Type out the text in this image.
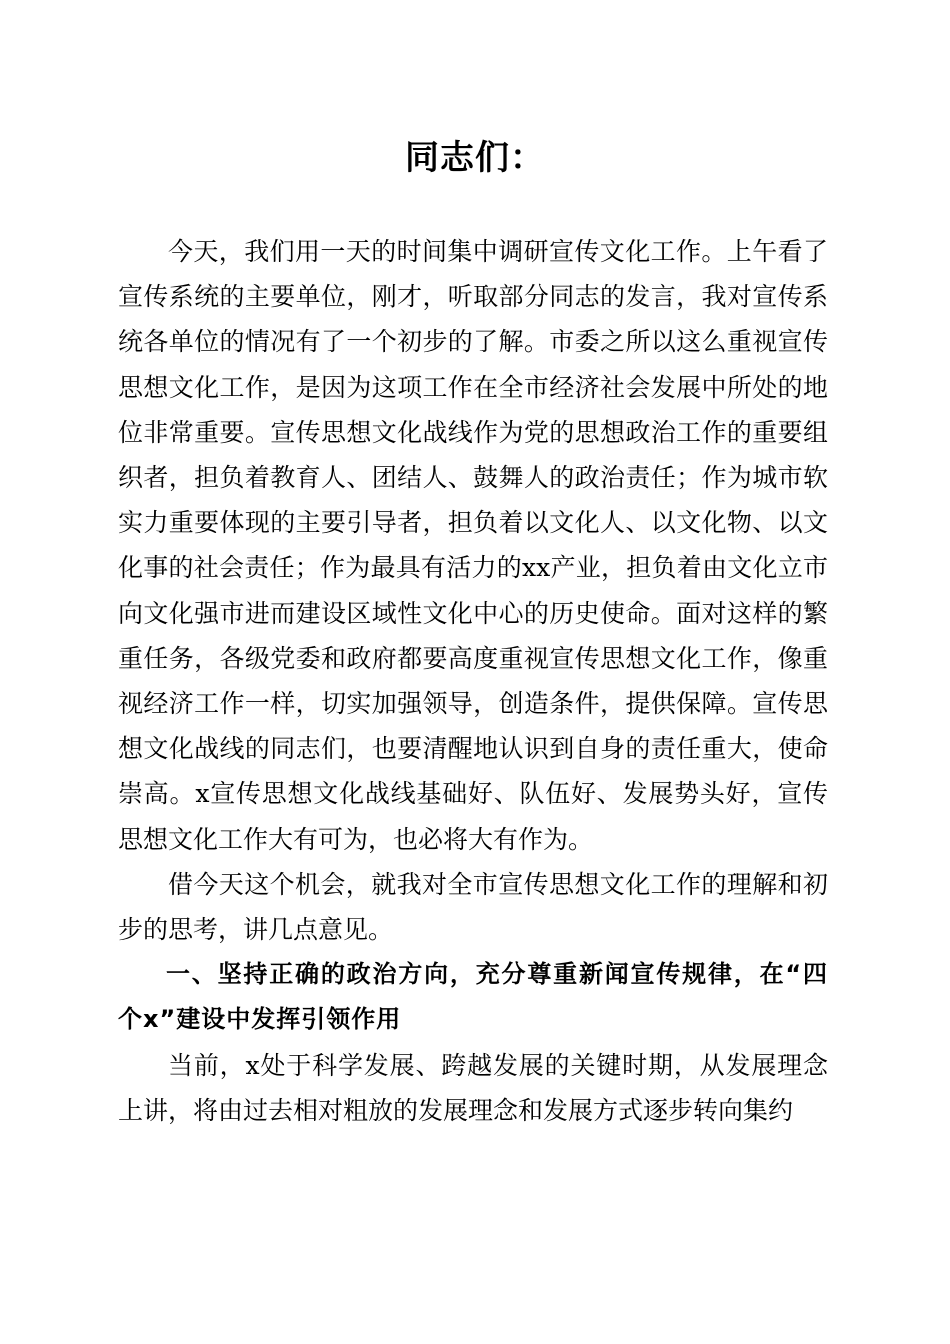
同志们：

今天，我们用一天的时间集中调研宣传文化工作。上午看了宣传系统的主要单位，刚才，听取部分同志的发言，我对宣传系统各单位的情况有了一个初步的了解。市委之所以这么重视宣传思想文化工作，是因为这项工作在全市经济社会发展中所处的地位非常重要。宣传思想文化战线作为党的思想政治工作的重要组织者，担负着教育人、团结人、鼓舞人的政治责任；作为城市软实力重要体现的主要引导者，担负着以文化人、以文化物、以文化事的社会责任；作为最具有活力的xx产业，担负着由文化立市向文化强市进而建设区域性文化中心的历史使命。面对这样的繁重任务，各级党委和政府都要高度重视宣传思想文化工作，像重视经济工作一样，切实加强领导，创造条件，提供保障。宣传思想文化战线的同志们，也要清醒地认识到自身的责任重大，使命崇高。x宣传思想文化战线基础好、队伍好、发展势头好，宣传思想文化工作大有可为，也必将大有作为。

借今天这个机会，就我对全市宣传思想文化工作的理解和初步的思考，讲几点意见。

一、坚持正确的政治方向，充分尊重新闻宣传规律，在“四个x”建设中发挥引领作用

当前，x处于科学发展、跨越发展的关键时期，从发展理念上讲，将由过去相对粗放的发展理念和发展方式逐步转向集约
